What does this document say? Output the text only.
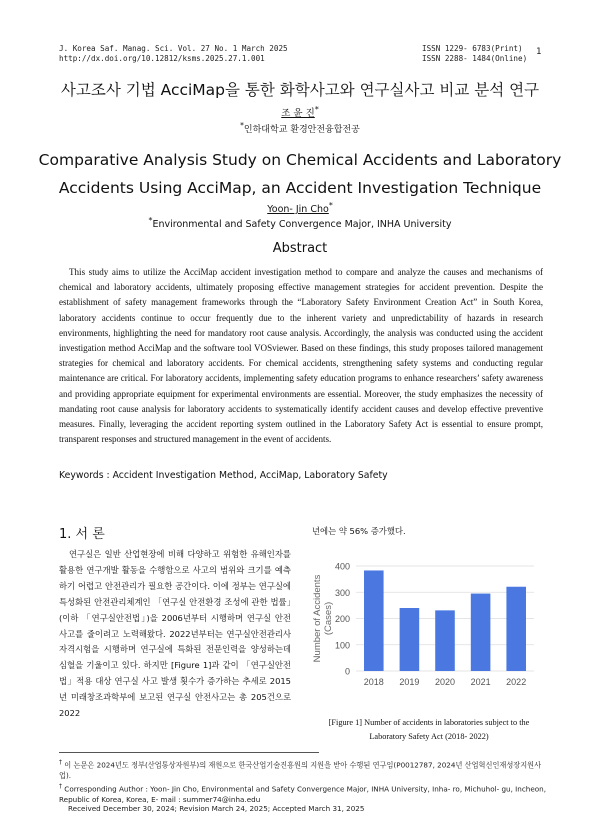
J. Korea Saf. Manag. Sci. Vol. 27 No. 1 March 2025
http://dx.doi.org/10.12812/ksms.2025.27.1.001
ISSN 1229- 6783(Print)
ISSN 2288- 1484(Online)
1
사고조사 기법 AcciMap을 통한 화학사고와 연구실사고 비교 분석 연구
조 윤 진*
*인하대학교 환경안전융합전공
Comparative Analysis Study on Chemical Accidents and Laboratory
Accidents Using AcciMap, an Accident Investigation Technique
Yoon- Jin Cho*
*Environmental and Safety Convergence Major, INHA University
Abstract
This study aims to utilize the AcciMap accident investigation method to compare and analyze the causes and mechanisms of chemical and laboratory accidents, ultimately proposing effective management strategies for accident prevention. Despite the establishment of safety management frameworks through the “Laboratory Safety Environment Creation Act” in South Korea, laboratory accidents continue to occur frequently due to the inherent variety and unpredictability of hazards in research environments, highlighting the need for mandatory root cause analysis. Accordingly, the analysis was conducted using the accident investigation method AcciMap and the software tool VOSviewer. Based on these findings, this study proposes tailored management strategies for chemical and laboratory accidents. For chemical accidents, strengthening safety systems and conducting regular maintenance are critical. For laboratory accidents, implementing safety education programs to enhance researchers’ safety awareness and providing appropriate equipment for experimental environments are essential. Moreover, the study emphasizes the necessity of mandating root cause analysis for laboratory accidents to systematically identify accident causes and develop effective preventive measures. Finally, leveraging the accident reporting system outlined in the Laboratory Safety Act is essential to ensure prompt, transparent responses and structured management in the event of accidents.
Keywords : Accident Investigation Method, AcciMap, Laboratory Safety
1. 서 론
연구실은 일반 산업현장에 비해 다양하고 위험한 유해인자를 활용한 연구개발 활동을 수행함으로 사고의 범위와 크기를 예측하기 어렵고 안전관리가 필요한 공간이다. 이에 정부는 연구실에 특성화된 안전관리체계인 「연구실 안전환경 조성에 관한 법률」(이하 「연구실안전법」)을 2006년부터 시행하며 연구실 안전 사고를 줄이려고 노력해왔다. 2022년부터는 연구실안전관리사 자격시험을 시행하며 연구실에 특화된 전문인력을 양성하는데 심혈을 기울이고 있다. 하지만 [Figure 1]과 같이 「연구실안전법」적용 대상 연구실 사고 발생 횟수가 증가하는 추세로 2015년 미래창조과학부에 보고된 연구실 안전사고는 총 205건으로 2022
년에는 약 56% 증가했다.
0
100
200
300
400
2018 2019 2020 2021 2022
Number of Accidents (Cases)
[Figure 1] Number of accidents in laboratories subject to the Laboratory Safety Act (2018- 2022)
† 이 논문은 2024년도 정부(산업통상자원부)의 재원으로 한국산업기술진흥원의 지원을 받아 수행된 연구임(P0012787, 2024년 산업혁신인재성장지원사업).
† Corresponding Author : Yoon- Jin Cho, Environmental and Safety Convergence Major, INHA University, Inha- ro, Michuhol- gu, Incheon, Republic of Korea, Korea, E- mail : summer74@inha.edu
Received December 30, 2024; Revision March 24, 2025; Accepted March 31, 2025
